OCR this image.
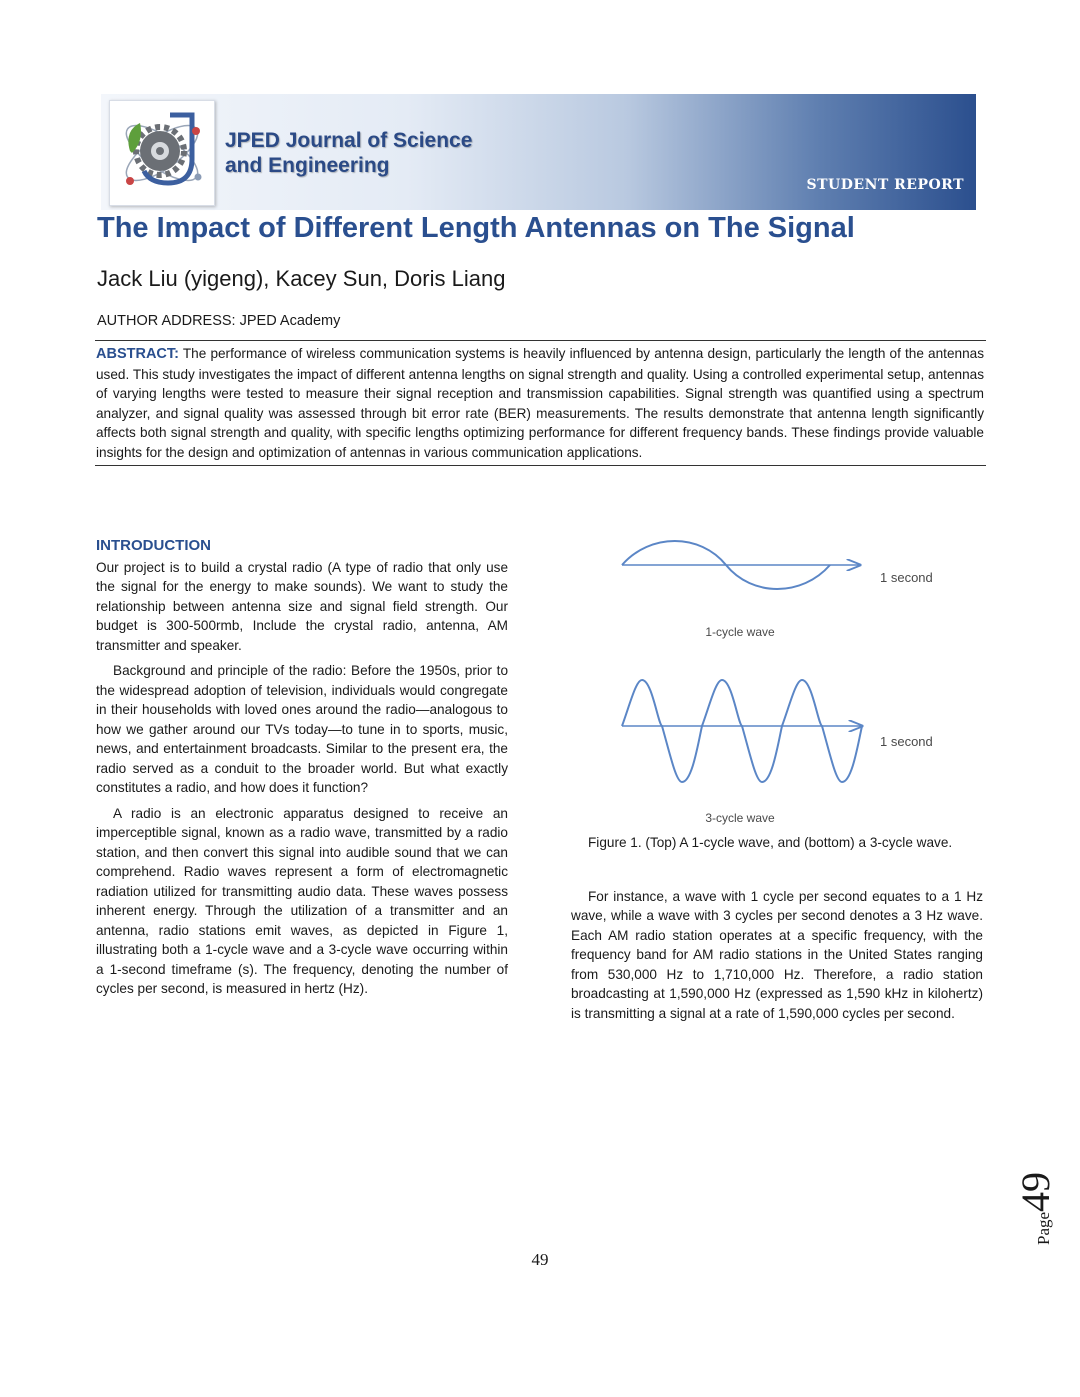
JPED Journal of Science
and Engineering
STUDENT REPORT
The Impact of Different Length Antennas on The Signal
Jack Liu (yigeng), Kacey Sun, Doris Liang
AUTHOR ADDRESS: JPED Academy
ABSTRACT: The performance of wireless communication systems is heavily influenced by antenna design, particularly the length of the antennas used. This study investigates the impact of different antenna lengths on signal strength and quality. Using a controlled experimental setup, antennas of varying lengths were tested to measure their signal reception and transmission capabilities. Signal strength was quantified using a spectrum analyzer, and signal quality was assessed through bit error rate (BER) measurements. The results demonstrate that antenna length significantly affects both signal strength and quality, with specific lengths optimizing performance for different frequency bands. These findings provide valuable insights for the design and optimization of antennas in various communication applications.
INTRODUCTION

Our project is to build a crystal radio (A type of radio that only use the signal for the energy to make sounds). We want to study the relationship between antenna size and signal field strength. Our budget is 300-500rmb, Include the crystal radio, antenna, AM transmitter and speaker.

Background and principle of the radio: Before the 1950s, prior to the widespread adoption of television, individuals would congregate in their households with loved ones around the radio—analogous to how we gather around our TVs today—to tune in to sports, music, news, and entertainment broadcasts. Similar to the present era, the radio served as a conduit to the broader world. But what exactly constitutes a radio, and how does it function?

A radio is an electronic apparatus designed to receive an imperceptible signal, known as a radio wave, transmitted by a radio station, and then convert this signal into audible sound that we can comprehend. Radio waves represent a form of electromagnetic radiation utilized for transmitting audio data. These waves possess inherent energy. Through the utilization of a transmitter and an antenna, radio stations emit waves, as depicted in Figure 1, illustrating both a 1-cycle wave and a 3-cycle wave occurring within a 1-second timeframe (s). The frequency, denoting the number of cycles per second, is measured in hertz (Hz).

1 second
1-cycle wave
1 second
3-cycle wave

Figure 1. (Top) A 1-cycle wave, and (bottom) a 3-cycle wave.

For instance, a wave with 1 cycle per second equates to a 1 Hz wave, while a wave with 3 cycles per second denotes a 3 Hz wave. Each AM radio station operates at a specific frequency, with the frequency band for AM radio stations in the United States ranging from 530,000 Hz to 1,710,000 Hz. Therefore, a radio station broadcasting at 1,590,000 Hz (expressed as 1,590 kHz in kilohertz) is transmitting a signal at a rate of 1,590,000 cycles per second.

49
Page49
